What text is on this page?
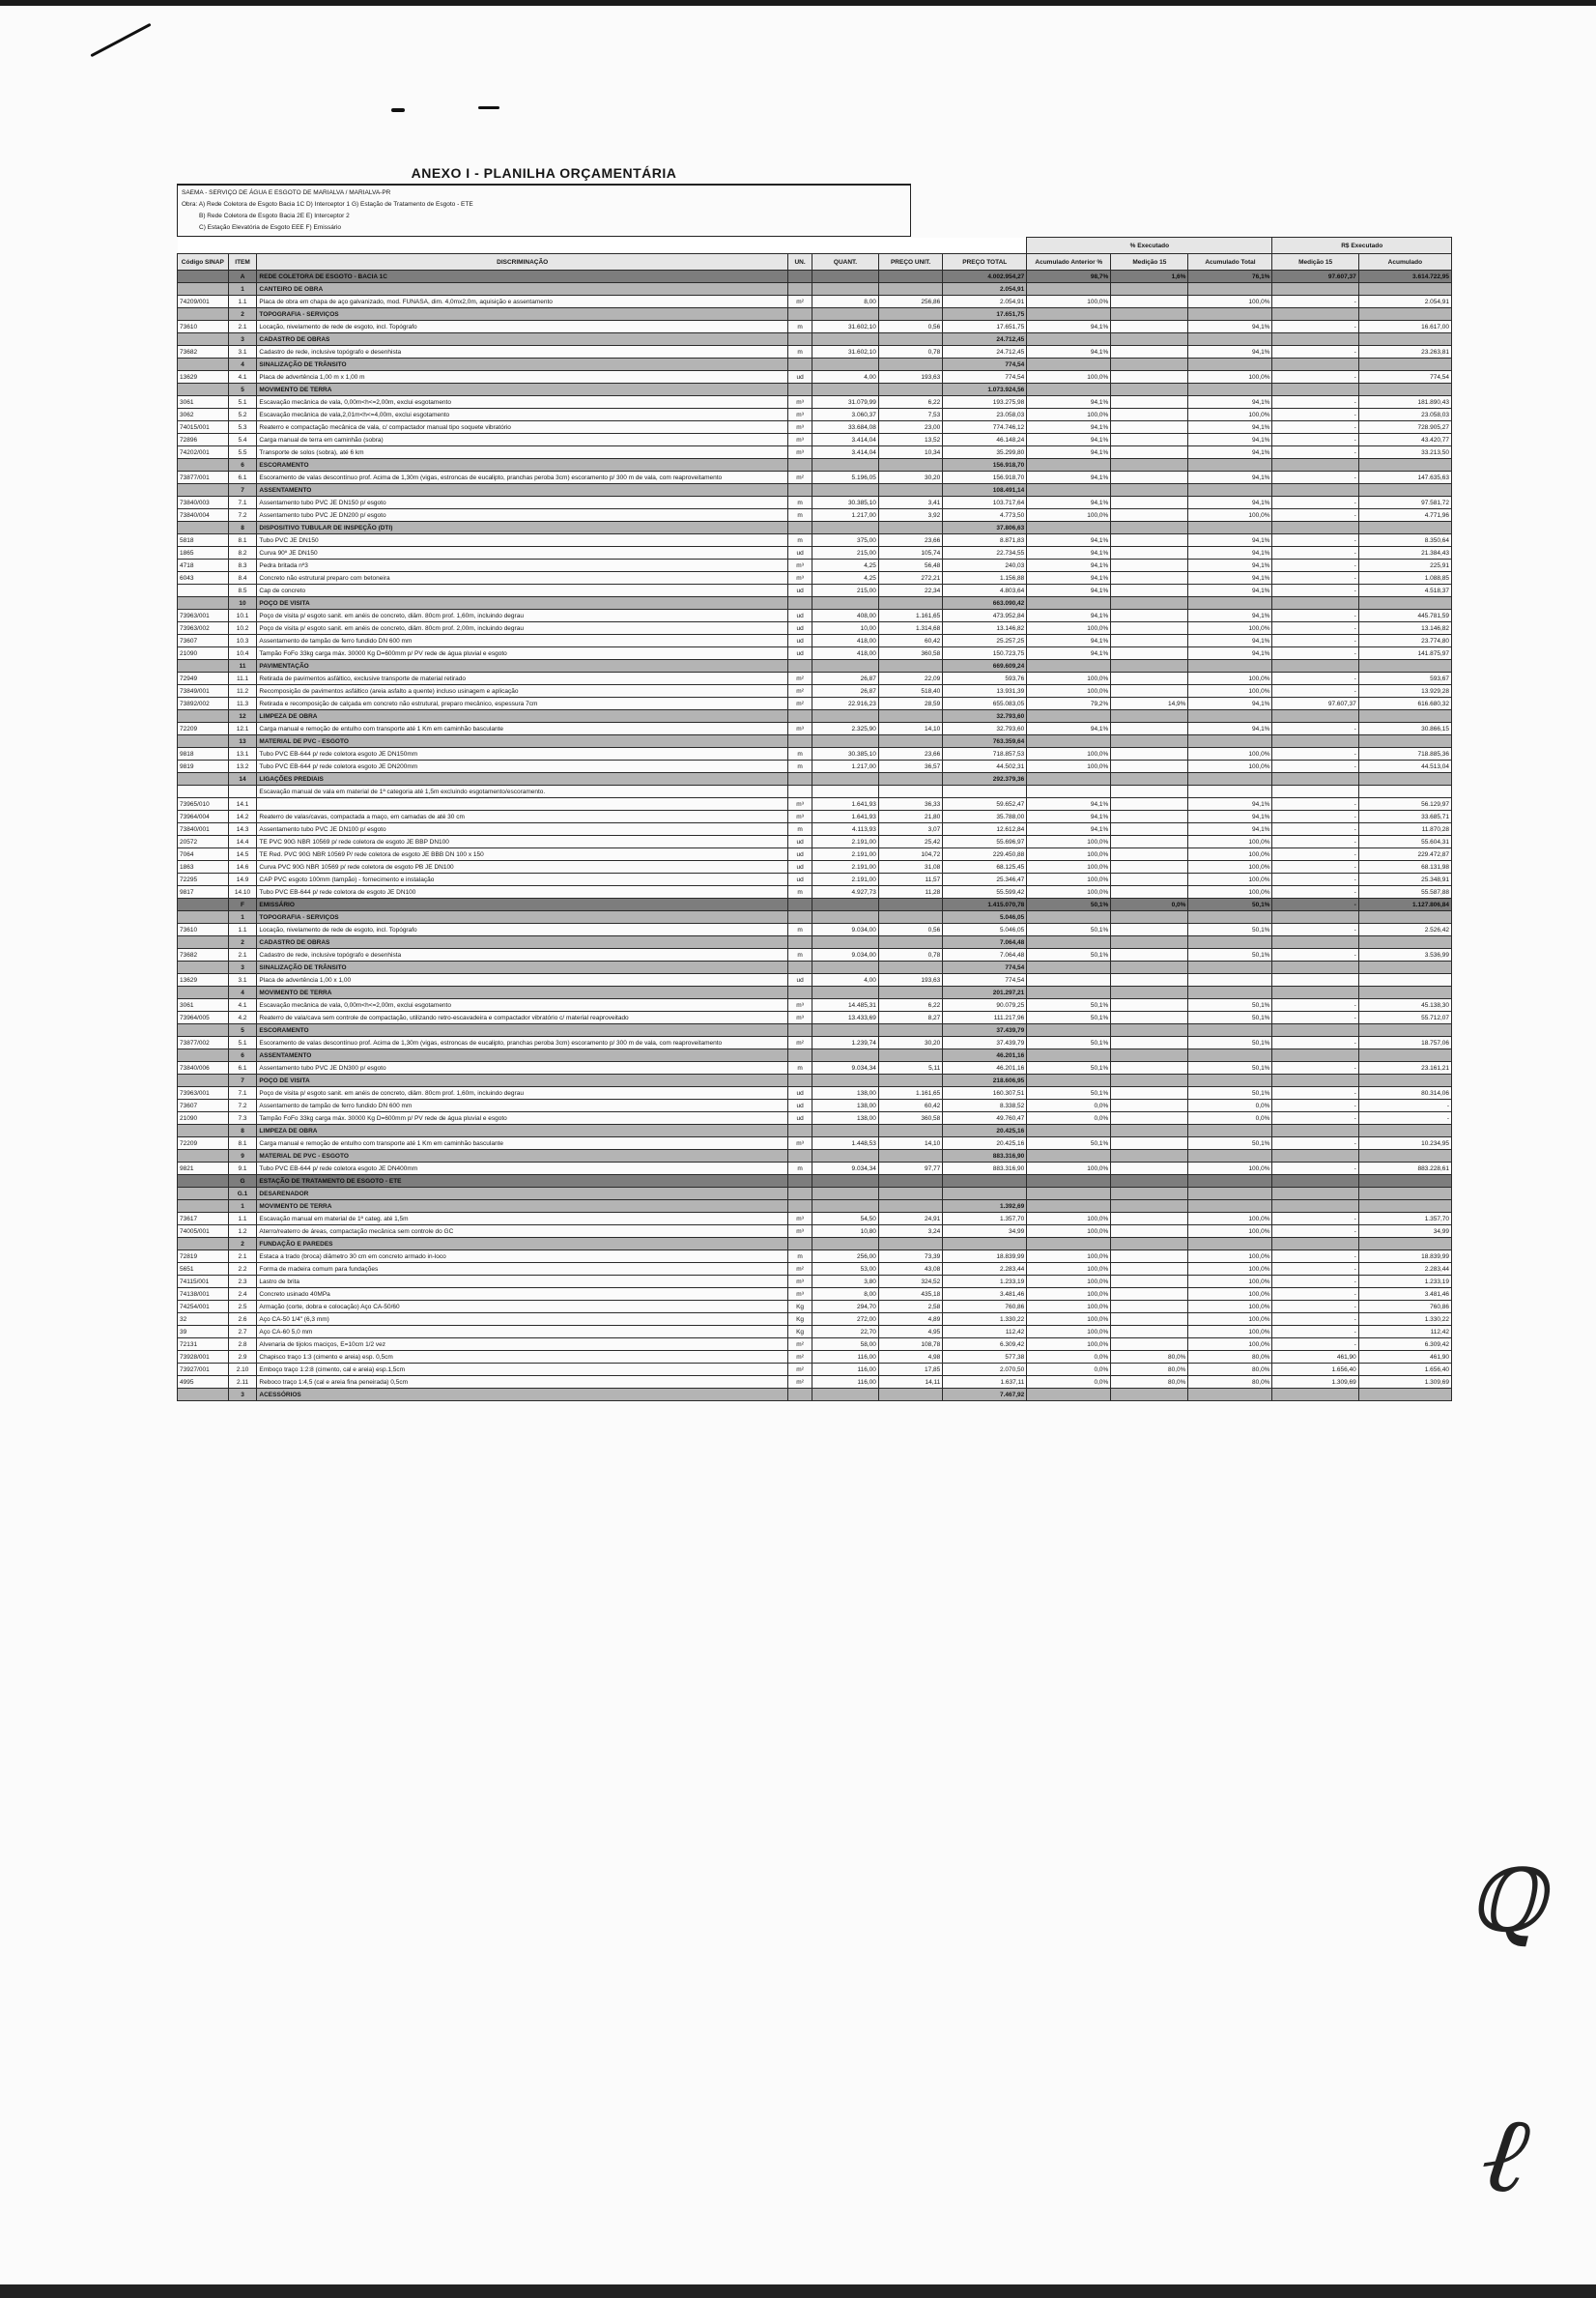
ANEXO I - PLANILHA ORÇAMENTÁRIA
SAEMA - SERVIÇO DE ÁGUA E ESGOTO DE MARIALVA / MARIALVA-PR
Obra: A) Rede Coletora de Esgoto Bacia 1C D) Interceptor 1 G) Estação de Tratamento de Esgoto - ETE
B) Rede Coletora de Esgoto Bacia 2E E) Interceptor 2
C) Estação Elevatória de Esgoto EEE F) Emissário
							% Executado			R$ Executado	
Código SINAP	ITEM	DISCRIMINAÇÃO	UN.	QUANT.	PREÇO UNIT.	PREÇO TOTAL	Acumulado Anterior %	Medição 15	Acumulado Total	Medição 15	Acumulado
	A	REDE COLETORA DE ESGOTO - BACIA 1C				4.002.954,27	98,7%	1,6%	76,1%	97.607,37	3.614.722,95
	1	CANTEIRO DE OBRA				2.054,91					
74209/001	1.1	Placa de obra em chapa de aço galvanizado, mod. FUNASA, dim. 4,0mx2,0m, aquisição e assentamento	m²	8,00	256,86	2.054,91	100,0%		100,0%	-	2.054,91
	2	TOPOGRAFIA - SERVIÇOS				17.651,75					
73610	2.1	Locação, nivelamento de rede de esgoto, incl. Topógrafo	m	31.602,10	0,56	17.651,75	94,1%		94,1%	-	16.617,00
	3	CADASTRO DE OBRAS				24.712,45					
73682	3.1	Cadastro de rede, inclusive topógrafo e desenhista	m	31.602,10	0,78	24.712,45	94,1%		94,1%	-	23.263,81
	4	SINALIZAÇÃO DE TRÂNSITO				774,54					
13629	4.1	Placa de advertência 1,00 m x 1,00 m	ud	4,00	193,63	774,54	100,0%		100,0%	-	774,54
	5	MOVIMENTO DE TERRA				1.073.924,56					
3061	5.1	Escavação mecânica de vala, 0,00m<h<=2,00m, exclui esgotamento	m³	31.079,99	6,22	193.275,98	94,1%		94,1%	-	181.890,43
3062	5.2	Escavação mecânica de vala,2,01m<h<=4,00m, exclui esgotamento	m³	3.060,37	7,53	23.058,03	100,0%		100,0%	-	23.058,03
74015/001	5.3	Reaterro e compactação mecânica de vala, c/ compactador manual tipo soquete vibratório	m³	33.684,08	23,00	774.746,12	94,1%		94,1%	-	728.905,27
72896	5.4	Carga manual de terra em caminhão (sobra)	m³	3.414,04	13,52	46.148,24	94,1%		94,1%	-	43.420,77
74202/001	5.5	Transporte de solos (sobra), até 6 km	m³	3.414,04	10,34	35.299,80	94,1%		94,1%	-	33.213,50
	6	ESCORAMENTO				156.918,70					
73877/001	6.1	Escoramento de valas descontínuo prof. Acima de 1,30m (vigas, estroncas de eucalipto, pranchas peroba 3cm) escoramento p/ 300 m de vala, com reaproveitamento	m²	5.196,05	30,20	156.918,70	94,1%		94,1%	-	147.635,63
	7	ASSENTAMENTO				108.491,14					
73840/003	7.1	Assentamento tubo PVC JE DN150 p/ esgoto	m	30.385,10	3,41	103.717,64	94,1%		94,1%	-	97.581,72
73840/004	7.2	Assentamento tubo PVC JE DN200 p/ esgoto	m	1.217,00	3,92	4.773,50	100,0%		100,0%	-	4.771,96
	8	DISPOSITIVO TUBULAR DE INSPEÇÃO (DTI)				37.806,63					
5818	8.1	Tubo PVC JE DN150	m	375,00	23,66	8.871,83	94,1%		94,1%	-	8.350,64
1865	8.2	Curva 90º JE DN150	ud	215,00	105,74	22.734,55	94,1%		94,1%	-	21.384,43
4718	8.3	Pedra britada nº3	m³	4,25	56,48	240,03	94,1%		94,1%	-	225,91
6043	8.4	Concreto não estrutural preparo com betoneira	m³	4,25	272,21	1.156,88	94,1%		94,1%	-	1.088,85
	8.5	Cap de concreto	ud	215,00	22,34	4.803,64	94,1%		94,1%	-	4.518,37
	10	POÇO DE VISITA				663.090,42					
73963/001	10.1	Poço de visita p/ esgoto sanit. em anéis de concreto, diâm. 80cm prof. 1,60m, incluindo degrau	ud	408,00	1.161,65	473.952,84	94,1%		94,1%	-	445.781,59
73963/002	10.2	Poço de visita p/ esgoto sanit. em anéis de concreto, diâm. 80cm prof. 2,00m, incluindo degrau	ud	10,00	1.314,68	13.146,82	100,0%		100,0%	-	13.146,82
73607	10.3	Assentamento de tampão de ferro fundido DN 600 mm	ud	418,00	60,42	25.257,25	94,1%		94,1%	-	23.774,80
21090	10.4	Tampão FoFo 33kg carga máx. 30000 Kg D=600mm p/ PV rede de água pluvial e esgoto	ud	418,00	360,58	150.723,75	94,1%		94,1%	-	141.875,97
	11	PAVIMENTAÇÃO				669.609,24					
72949	11.1	Retirada de pavimentos asfáltico, exclusive transporte de material retirado	m²	26,87	22,09	593,76	100,0%		100,0%	-	593,67
73849/001	11.2	Recomposição de pavimentos asfáltico (areia asfalto a quente) incluso usinagem e aplicação	m²	26,87	518,40	13.931,39	100,0%		100,0%	-	13.929,28
73892/002	11.3	Retirada e recomposição de calçada em concreto não estrutural, preparo mecânico, espessura 7cm	m²	22.916,23	28,59	655.083,05	79,2%	14,9%	94,1%	97.607,37	616.680,32
	12	LIMPEZA DE OBRA				32.793,60					
72209	12.1	Carga manual e remoção de entulho com transporte até 1 Km em caminhão basculante	m³	2.325,90	14,10	32.793,60	94,1%		94,1%	-	30.866,15
	13	MATERIAL DE PVC - ESGOTO				763.359,64					
9818	13.1	Tubo PVC EB-644 p/ rede coletora esgoto JE DN150mm	m	30.385,10	23,66	718.857,53	100,0%		100,0%	-	718.885,36
9819	13.2	Tubo PVC EB-644 p/ rede coletora esgoto JE DN200mm	m	1.217,00	36,57	44.502,31	100,0%		100,0%	-	44.513,04
	14	LIGAÇÕES PREDIAIS				292.379,36					
		Escavação manual de vala em material de 1ª categoria até 1,5m excluindo esgotamento/escoramento.									
73965/010	14.1		m³	1.641,93	36,33	59.652,47	94,1%		94,1%	-	56.129,97
73964/004	14.2	Reaterro de valas/cavas, compactada a maço, em camadas de até 30 cm	m³	1.641,93	21,80	35.788,00	94,1%		94,1%	-	33.685,71
73840/001	14.3	Assentamento tubo PVC JE DN100 p/ esgoto	m	4.113,93	3,07	12.612,84	94,1%		94,1%	-	11.870,28
20572	14.4	TE PVC 90G NBR 10569 p/ rede coletora de esgoto JE BBP DN100	ud	2.191,00	25,42	55.696,97	100,0%		100,0%	-	55.604,31
7064	14.5	TE Red. PVC 90G NBR 10569 P/ rede coletora de esgoto JE BBB DN 100 x 150	ud	2.191,00	104,72	229.450,88	100,0%		100,0%	-	229.472,87
1863	14.6	Curva PVC 90G NBR 10569 p/ rede coletora de esgoto PB JE DN100	ud	2.191,00	31,08	68.125,45	100,0%		100,0%	-	68.131,98
72295	14.9	CAP PVC esgoto 100mm (tampão) - fornecimento e instalação	ud	2.191,00	11,57	25.346,47	100,0%		100,0%	-	25.348,91
9817	14.10	Tubo PVC EB-644 p/ rede coletora de esgoto JE DN100	m	4.927,73	11,28	55.599,42	100,0%		100,0%	-	55.587,88
	F	EMISSÁRIO				1.415.070,78	50,1%	0,0%	50,1%	-	1.127.806,84
	1	TOPOGRAFIA - SERVIÇOS				5.046,05					
73610	1.1	Locação, nivelamento de rede de esgoto, incl. Topógrafo	m	9.034,00	0,56	5.046,05	50,1%		50,1%	-	2.526,42
	2	CADASTRO DE OBRAS				7.064,48					
73682	2.1	Cadastro de rede, inclusive topógrafo e desenhista	m	9.034,00	0,78	7.064,48	50,1%		50,1%	-	3.536,99
	3	SINALIZAÇÃO DE TRÂNSITO				774,54					
13629	3.1	Placa de advertência 1,00 x 1,00	ud	4,00	193,63	774,54					
	4	MOVIMENTO DE TERRA				201.297,21					
3061	4.1	Escavação mecânica de vala, 0,00m<h<=2,00m, exclui esgotamento	m³	14.485,31	6,22	90.079,25	50,1%		50,1%	-	45.138,30
73964/005	4.2	Reaterro de vala/cava sem controle de compactação, utilizando retro-escavadeira e compactador vibratório c/ material reaproveitado	m³	13.433,69	8,27	111.217,96	50,1%		50,1%	-	55.712,07
	5	ESCORAMENTO				37.439,79					
73877/002	5.1	Escoramento de valas descontínuo prof. Acima de 1,30m (vigas, estroncas de eucalipto, pranchas peroba 3cm) escoramento p/ 300 m de vala, com reaproveitamento	m²	1.239,74	30,20	37.439,79	50,1%		50,1%	-	18.757,06
	6	ASSENTAMENTO				46.201,16					
73840/006	6.1	Assentamento tubo PVC JE DN300 p/ esgoto	m	9.034,34	5,11	46.201,16	50,1%		50,1%	-	23.161,21
	7	POÇO DE VISITA				218.606,95					
73963/001	7.1	Poço de visita p/ esgoto sanit. em anéis de concreto, diâm. 80cm prof. 1,60m, incluindo degrau	ud	138,00	1.161,65	160.307,51	50,1%		50,1%	-	80.314,06
73607	7.2	Assentamento de tampão de ferro fundido DN 600 mm	ud	138,00	60,42	8.338,52	0,0%		0,0%	-	-
21090	7.3	Tampão FoFo 33kg carga máx. 30000 Kg D=600mm p/ PV rede de água pluvial e esgoto	ud	138,00	360,58	49.760,47	0,0%		0,0%	-	-
	8	LIMPEZA DE OBRA				20.425,16					
72209	8.1	Carga manual e remoção de entulho com transporte até 1 Km em caminhão basculante	m³	1.448,53	14,10	20.425,16	50,1%		50,1%	-	10.234,95
	9	MATERIAL DE PVC - ESGOTO				883.316,90					
9821	9.1	Tubo PVC EB-644 p/ rede coletora esgoto JE DN400mm	m	9.034,34	97,77	883.316,90	100,0%		100,0%	-	883.228,61
	G	ESTAÇÃO DE TRATAMENTO DE ESGOTO - ETE									
	G.1	DESARENADOR									
	1	MOVIMENTO DE TERRA				1.392,69					
73617	1.1	Escavação manual em material de 1ª categ. até 1,5m	m³	54,50	24,91	1.357,70	100,0%		100,0%	-	1.357,70
74005/001	1.2	Aterro/reaterro de áreas, compactação mecânica sem controle do GC	m³	10,80	3,24	34,99	100,0%		100,0%	-	34,99
	2	FUNDAÇÃO E PAREDES									
72819	2.1	Estaca a trado (broca) diâmetro 30 cm em concreto armado in-loco	m	256,00	73,39	18.839,99	100,0%		100,0%	-	18.839,99
5651	2.2	Forma de madeira comum para fundações	m²	53,00	43,08	2.283,44	100,0%		100,0%	-	2.283,44
74115/001	2.3	Lastro de brita	m³	3,80	324,52	1.233,19	100,0%		100,0%	-	1.233,19
74138/001	2.4	Concreto usinado 40MPa	m³	8,00	435,18	3.481,46	100,0%		100,0%	-	3.481,46
74254/001	2.5	Armação (corte, dobra e colocação) Aço CA-50/60	Kg	294,70	2,58	760,86	100,0%		100,0%	-	760,86
32	2.6	Aço CA-50 1/4" (6,3 mm)	Kg	272,00	4,89	1.330,22	100,0%		100,0%	-	1.330,22
39	2.7	Aço CA-60 5,0 mm	Kg	22,70	4,95	112,42	100,0%		100,0%	-	112,42
72131	2.8	Alvenaria de tijolos maciços, E=10cm 1/2 vez	m²	58,00	108,78	6.309,42	100,0%		100,0%	-	6.309,42
73928/001	2.9	Chapisco traço 1:3 (cimento e areia) esp. 0,5cm	m²	116,00	4,98	577,38	0,0%	80,0%	80,0%	461,90	461,90
73927/001	2.10	Emboço traço 1:2:8 (cimento, cal e areia) esp.1,5cm	m²	116,00	17,85	2.070,50	0,0%	80,0%	80,0%	1.656,40	1.656,40
4995	2.11	Reboco traço 1:4,5 (cal e areia fina peneirada) 0,5cm	m²	116,00	14,11	1.637,11	0,0%	80,0%	80,0%	1.309,69	1.309,69
	3	ACESSÓRIOS				7.467,92					
ℚ
ℓ
